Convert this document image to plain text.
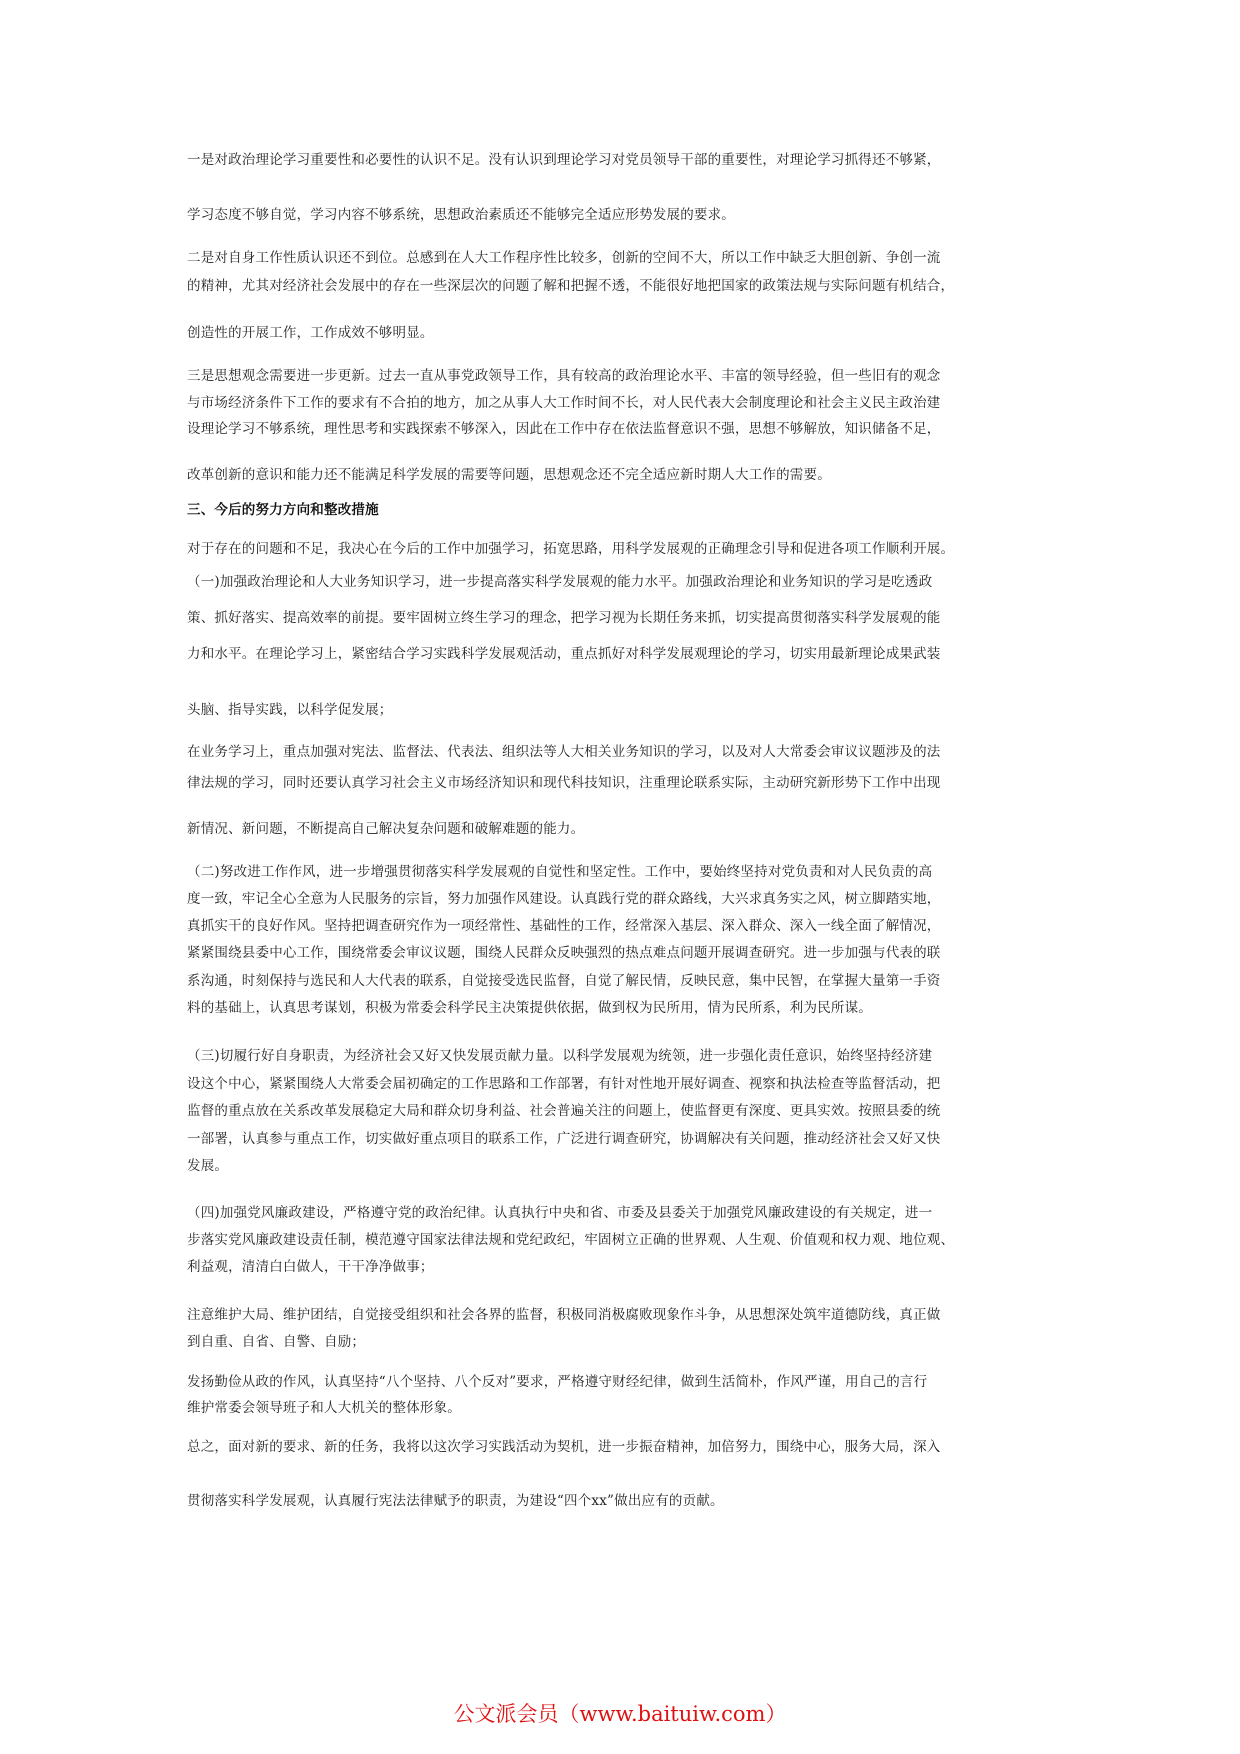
一是对政治理论学习重要性和必要性的认识不足。没有认识到理论学习对党员领导干部的重要性，对理论学习抓得还不够紧，
学习态度不够自觉，学习内容不够系统，思想政治素质还不能够完全适应形势发展的要求。
二是对自身工作性质认识还不到位。总感到在人大工作程序性比较多，创新的空间不大，所以工作中缺乏大胆创新、争创一流
的精神，尤其对经济社会发展中的存在一些深层次的问题了解和把握不透，不能很好地把国家的政策法规与实际问题有机结合，
创造性的开展工作，工作成效不够明显。
三是思想观念需要进一步更新。过去一直从事党政领导工作，具有较高的政治理论水平、丰富的领导经验，但一些旧有的观念
与市场经济条件下工作的要求有不合拍的地方，加之从事人大工作时间不长，对人民代表大会制度理论和社会主义民主政治建
设理论学习不够系统，理性思考和实践探索不够深入，因此在工作中存在依法监督意识不强，思想不够解放，知识储备不足，
改革创新的意识和能力还不能满足科学发展的需要等问题，思想观念还不完全适应新时期人大工作的需要。
三、今后的努力方向和整改措施
对于存在的问题和不足，我决心在今后的工作中加强学习，拓宽思路，用科学发展观的正确理念引导和促进各项工作顺利开展。
（一)加强政治理论和人大业务知识学习，进一步提高落实科学发展观的能力水平。加强政治理论和业务知识的学习是吃透政
策、抓好落实、提高效率的前提。要牢固树立终生学习的理念，把学习视为长期任务来抓，切实提高贯彻落实科学发展观的能
力和水平。在理论学习上，紧密结合学习实践科学发展观活动，重点抓好对科学发展观理论的学习，切实用最新理论成果武装
头脑、指导实践，以科学促发展；
在业务学习上，重点加强对宪法、监督法、代表法、组织法等人大相关业务知识的学习，以及对人大常委会审议议题涉及的法
律法规的学习，同时还要认真学习社会主义市场经济知识和现代科技知识，注重理论联系实际，主动研究新形势下工作中出现
新情况、新问题，不断提高自己解决复杂问题和破解难题的能力。
（二)努改进工作作风，进一步增强贯彻落实科学发展观的自觉性和坚定性。工作中，要始终坚持对党负责和对人民负责的高
度一致，牢记全心全意为人民服务的宗旨，努力加强作风建设。认真践行党的群众路线，大兴求真务实之风，树立脚踏实地，
真抓实干的良好作风。坚持把调查研究作为一项经常性、基础性的工作，经常深入基层、深入群众、深入一线全面了解情况，
紧紧围绕县委中心工作，围绕常委会审议议题，围绕人民群众反映强烈的热点难点问题开展调查研究。进一步加强与代表的联
系沟通，时刻保持与选民和人大代表的联系，自觉接受选民监督，自觉了解民情，反映民意，集中民智，在掌握大量第一手资
料的基础上，认真思考谋划，积极为常委会科学民主决策提供依据，做到权为民所用，情为民所系，利为民所谋。
（三)切履行好自身职责，为经济社会又好又快发展贡献力量。以科学发展观为统领，进一步强化责任意识，始终坚持经济建
设这个中心，紧紧围绕人大常委会届初确定的工作思路和工作部署，有针对性地开展好调查、视察和执法检查等监督活动，把
监督的重点放在关系改革发展稳定大局和群众切身利益、社会普遍关注的问题上，使监督更有深度、更具实效。按照县委的统
一部署，认真参与重点工作，切实做好重点项目的联系工作，广泛进行调查研究，协调解决有关问题，推动经济社会又好又快
发展。
（四)加强党风廉政建设，严格遵守党的政治纪律。认真执行中央和省、市委及县委关于加强党风廉政建设的有关规定，进一
步落实党风廉政建设责任制，模范遵守国家法律法规和党纪政纪，牢固树立正确的世界观、人生观、价值观和权力观、地位观、
利益观，清清白白做人，干干净净做事；
注意维护大局、维护团结，自觉接受组织和社会各界的监督，积极同消极腐败现象作斗争，从思想深处筑牢道德防线，真正做
到自重、自省、自警、自励；
发扬勤俭从政的作风，认真坚持“八个坚持、八个反对”要求，严格遵守财经纪律，做到生活简朴，作风严谨，用自己的言行
维护常委会领导班子和人大机关的整体形象。
总之，面对新的要求、新的任务，我将以这次学习实践活动为契机，进一步振奋精神，加倍努力，围绕中心，服务大局，深入
贯彻落实科学发展观，认真履行宪法法律赋予的职责，为建设“四个xx”做出应有的贡献。
公文派会员（www.baituiw.com）
